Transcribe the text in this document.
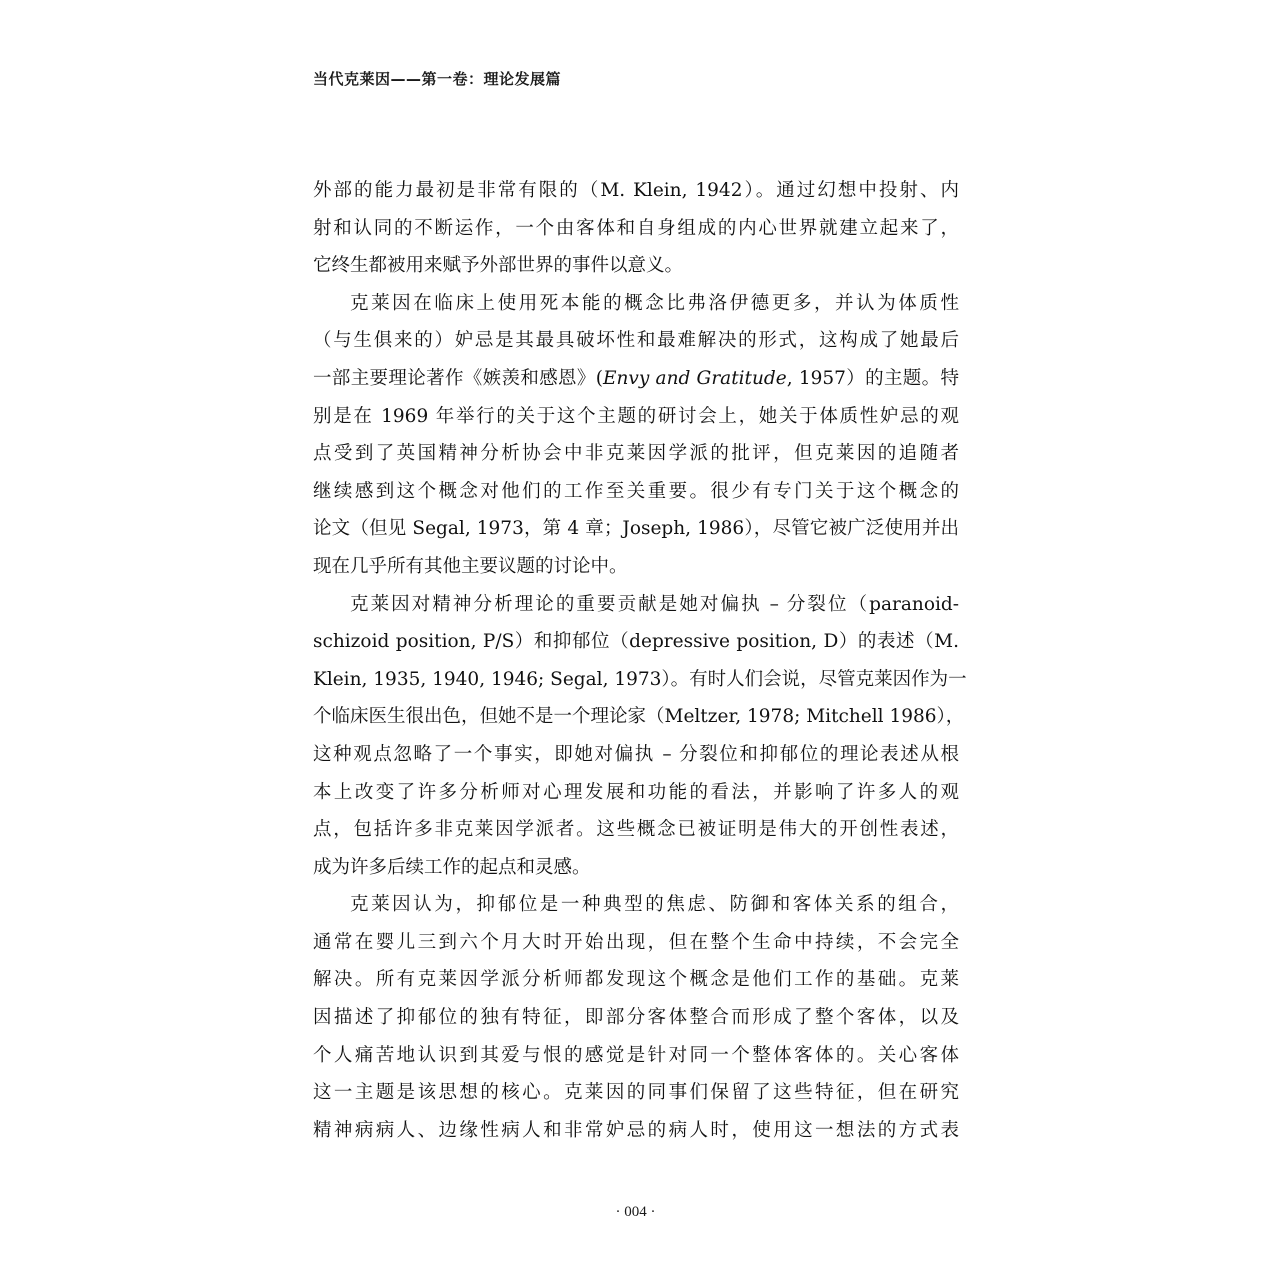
当代克莱因——第一卷：理论发展篇
外部的能力最初是非常有限的（M. Klein, 1942）。通过幻想中投射、内
射和认同的不断运作，一个由客体和自身组成的内心世界就建立起来了，
它终生都被用来赋予外部世界的事件以意义。
克莱因在临床上使用死本能的概念比弗洛伊德更多，并认为体质性
（与生俱来的）妒忌是其最具破坏性和最难解决的形式，这构成了她最后
一部主要理论著作《嫉羡和感恩》(Envy and Gratitude, 1957）的主题。特
别是在 1969 年举行的关于这个主题的研讨会上，她关于体质性妒忌的观
点受到了英国精神分析协会中非克莱因学派的批评，但克莱因的追随者
继续感到这个概念对他们的工作至关重要。很少有专门关于这个概念的
论文（但见 Segal, 1973，第 4 章；Joseph, 1986），尽管它被广泛使用并出
现在几乎所有其他主要议题的讨论中。
克莱因对精神分析理论的重要贡献是她对偏执 – 分裂位（paranoid-
schizoid position, P/S）和抑郁位（depressive position, D）的表述（M.
Klein, 1935, 1940, 1946; Segal, 1973）。有时人们会说，尽管克莱因作为一
个临床医生很出色，但她不是一个理论家（Meltzer, 1978; Mitchell 1986），
这种观点忽略了一个事实，即她对偏执 – 分裂位和抑郁位的理论表述从根
本上改变了许多分析师对心理发展和功能的看法，并影响了许多人的观
点，包括许多非克莱因学派者。这些概念已被证明是伟大的开创性表述，
成为许多后续工作的起点和灵感。
克莱因认为，抑郁位是一种典型的焦虑、防御和客体关系的组合，
通常在婴儿三到六个月大时开始出现，但在整个生命中持续，不会完全
解决。所有克莱因学派分析师都发现这个概念是他们工作的基础。克莱
因描述了抑郁位的独有特征，即部分客体整合而形成了整个客体，以及
个人痛苦地认识到其爱与恨的感觉是针对同一个整体客体的。关心客体
这一主题是该思想的核心。克莱因的同事们保留了这些特征，但在研究
精神病病人、边缘性病人和非常妒忌的病人时，使用这一想法的方式表
· 004 ·
